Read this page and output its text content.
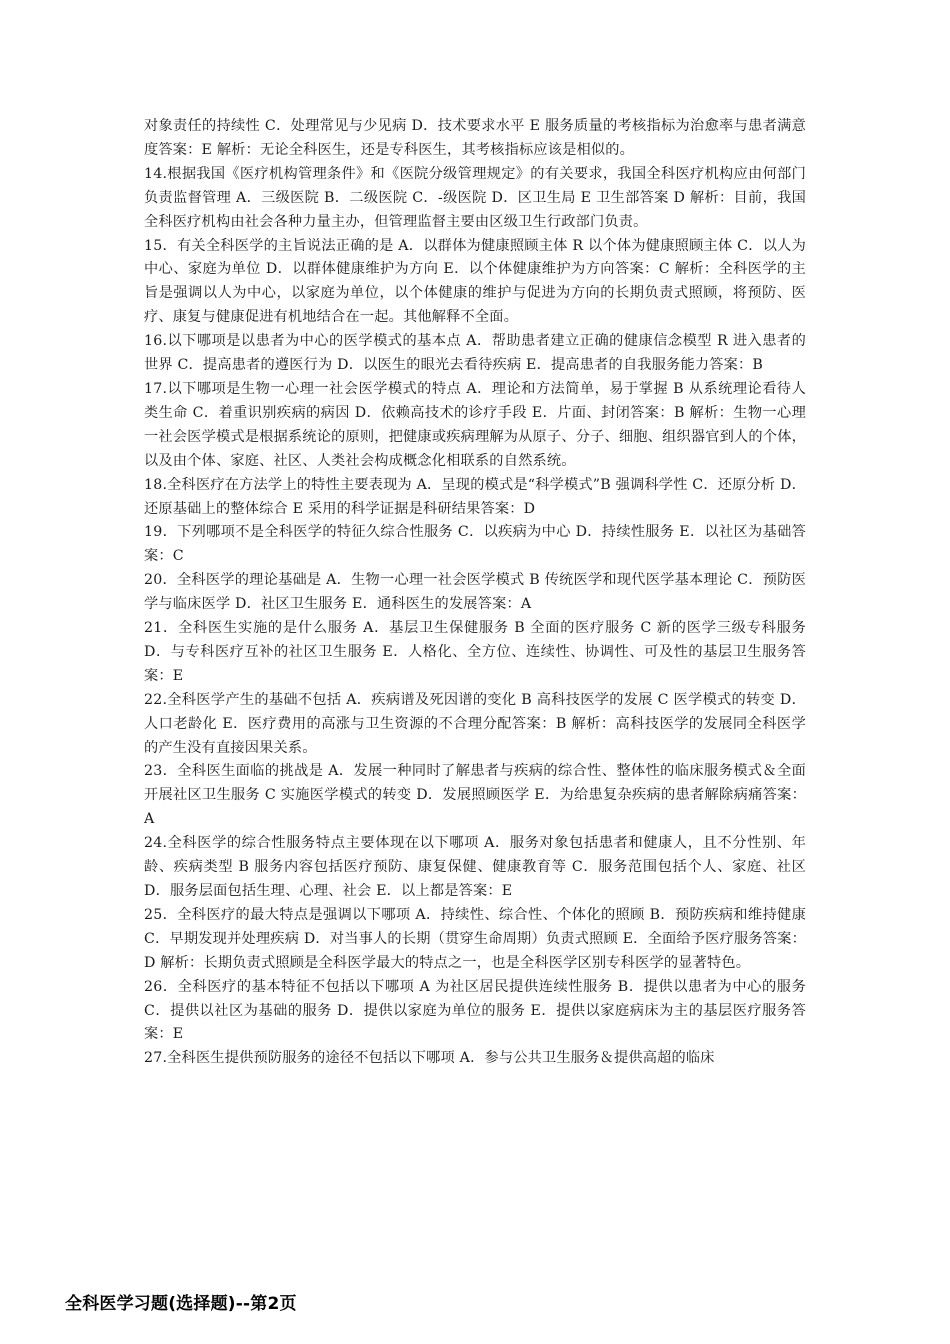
对象责任的持续性 C．处理常见与少见病 D．技术要求水平 E 服务质量的考核指标为治愈率与患者满意度答案：E 解析：无论全科医生，还是专科医生，其考核指标应该是相似的。

14.根据我国《医疗机构管理条件》和《医院分级管理规定》的有关要求，我国全科医疗机构应由何部门负责监督管理 A．三级医院 B．二级医院 C．-级医院 D．区卫生局 E 卫生部答案 D 解析：目前，我国全科医疗机构由社会各种力量主办，但管理监督主要由区级卫生行政部门负责。

15．有关全科医学的主旨说法正确的是 A．以群体为健康照顾主体 R 以个体为健康照顾主体 C．以人为中心、家庭为单位 D．以群体健康维护为方向 E．以个体健康维护为方向答案：C 解析：全科医学的主旨是强调以人为中心，以家庭为单位，以个体健康的维护与促进为方向的长期负责式照顾，将预防、医疗、康复与健康促进有机地结合在一起。其他解释不全面。

16.以下哪项是以患者为中心的医学模式的基本点 A．帮助患者建立正确的健康信念模型 R 进入患者的世界 C．提高患者的遵医行为 D．以医生的眼光去看待疾病 E．提高患者的自我服务能力答案：B

17.以下哪项是生物一心理一社会医学模式的特点 A．理论和方法简单，易于掌握 B 从系统理论看待人类生命 C．着重识别疾病的病因 D．依赖高技术的诊疗手段 E．片面、封闭答案：B 解析：生物一心理一社会医学模式是根据系统论的原则，把健康或疾病理解为从原子、分子、细胞、组织器官到人的个体，以及由个体、家庭、社区、人类社会构成概念化相联系的自然系统。

18.全科医疗在方法学上的特性主要表现为 A．呈现的模式是“科学模式”B 强调科学性 C．还原分析 D．还原基础上的整体综合 E 采用的科学证据是科研结果答案：D

19．下列哪项不是全科医学的特征久综合性服务 C．以疾病为中心 D．持续性服务 E．以社区为基础答案：C

20．全科医学的理论基础是 A．生物一心理一社会医学模式 B 传统医学和现代医学基本理论 C．预防医学与临床医学 D．社区卫生服务 E．通科医生的发展答案：A

21．全科医生实施的是什么服务 A．基层卫生保健服务 B 全面的医疗服务 C 新的医学三级专科服务 D．与专科医疗互补的社区卫生服务 E．人格化、全方位、连续性、协调性、可及性的基层卫生服务答案：E

22.全科医学产生的基础不包括 A．疾病谱及死因谱的变化 B 高科技医学的发展 C 医学模式的转变 D．人口老龄化 E．医疗费用的高涨与卫生资源的不合理分配答案：B 解析：高科技医学的发展同全科医学的产生没有直接因果关系。

23．全科医生面临的挑战是 A．发展一种同时了解患者与疾病的综合性、整体性的临床服务模式＆全面开展社区卫生服务 C 实施医学模式的转变 D．发展照顾医学 E．为给患复杂疾病的患者解除病痛答案：A

24.全科医学的综合性服务特点主要体现在以下哪项 A．服务对象包括患者和健康人，且不分性别、年龄、疾病类型 B 服务内容包括医疗预防、康复保健、健康教育等 C．服务范围包括个人、家庭、社区 D．服务层面包括生理、心理、社会 E．以上都是答案：E

25．全科医疗的最大特点是强调以下哪项 A．持续性、综合性、个体化的照顾 B．预防疾病和维持健康 C．早期发现并处理疾病 D．对当事人的长期（贯穿生命周期）负责式照顾 E．全面给予医疗服务答案：D 解析：长期负责式照顾是全科医学最大的特点之一，也是全科医学区别专科医学的显著特色。

26．全科医疗的基本特征不包括以下哪项 A 为社区居民提供连续性服务 B．提供以患者为中心的服务 C．提供以社区为基础的服务 D．提供以家庭为单位的服务 E．提供以家庭病床为主的基层医疗服务答案：E

27.全科医生提供预防服务的途径不包括以下哪项 A．参与公共卫生服务＆提供高超的临床

全科医学习题(选择题)--第2页
